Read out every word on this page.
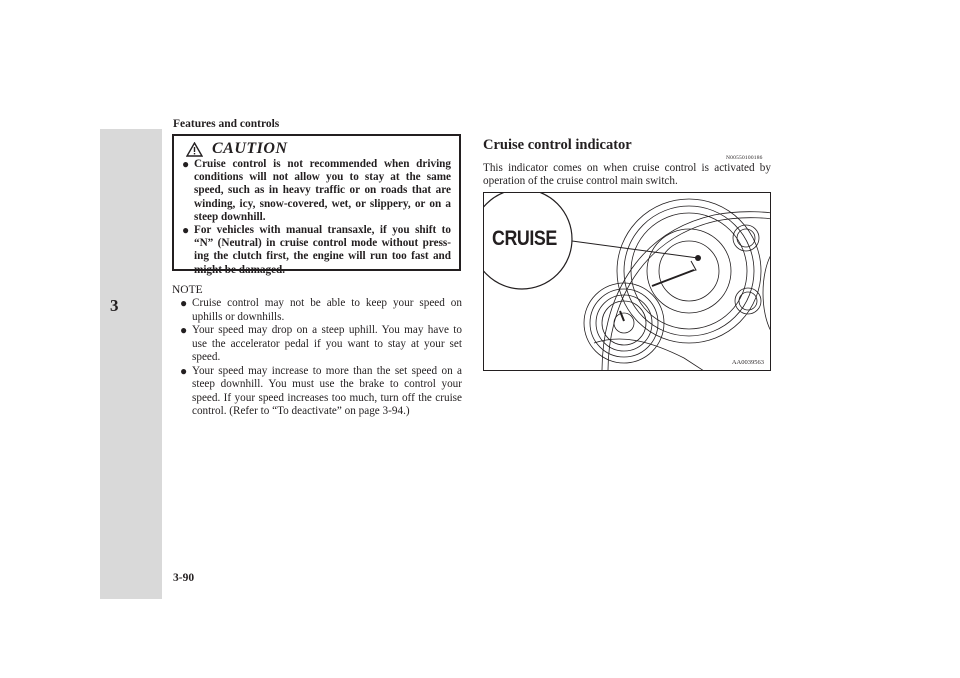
Features and controls
3
CAUTION
● Cruise control is not recommended when driving conditions will not allow you to stay at the same speed, such as in heavy traffic or on roads that are winding, icy, snow-covered, wet, or slippery, or on a steep downhill.
● For vehicles with manual transaxle, if you shift to “N” (Neutral) in cruise control mode without press-ing the clutch first, the engine will run too fast and might be damaged.
NOTE
● Cruise control may not be able to keep your speed on uphills or downhills.
● Your speed may drop on a steep uphill. You may have to use the accelerator pedal if you want to stay at your set speed.
● Your speed may increase to more than the set speed on a steep downhill. You must use the brake to control your speed. If your speed increases too much, turn off the cruise control. (Refer to “To deactivate” on page 3-94.)
Cruise control indicator
N00550100186
This indicator comes on when cruise control is activated by operation of the cruise control main switch.
CRUISE
AA0039563
3-90
